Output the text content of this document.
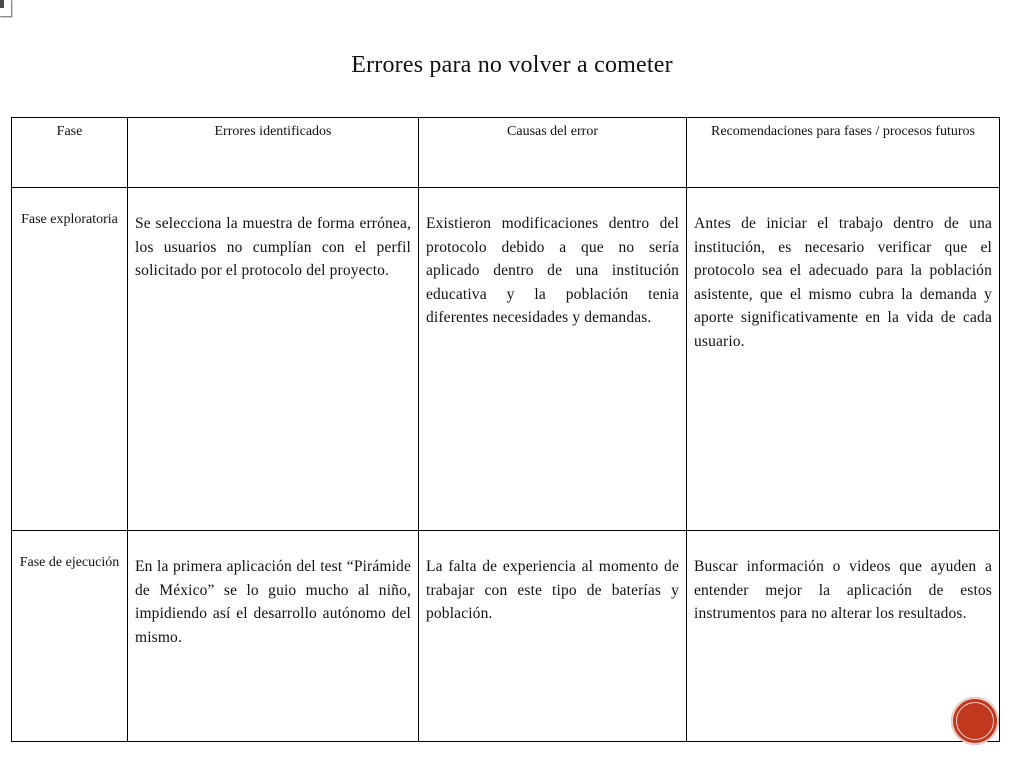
Errores para no volver a cometer
Fase	Errores identificados	Causas del error	Recomendaciones para fases / procesos futuros
Fase exploratoria	Se selecciona la muestra de forma errónea, los usuarios no cumplían con el perfil solicitado por el protocolo del proyecto.	Existieron modificaciones dentro del protocolo debido a que no sería aplicado dentro de una institución educativa y la población tenia diferentes necesidades y demandas.	Antes de iniciar el trabajo dentro de una institución, es necesario verificar que el protocolo sea el adecuado para la población asistente, que el mismo cubra la demanda y aporte significativamente en la vida de cada usuario.
Fase de ejecución	En la primera aplicación del test “Pirámide de México” se lo guio mucho al niño, impidiendo así el desarrollo autónomo del mismo.	La falta de experiencia al momento de trabajar con este tipo de baterías y población.	Buscar información o videos que ayuden a entender mejor la aplicación de estos instrumentos para no alterar los resultados.
